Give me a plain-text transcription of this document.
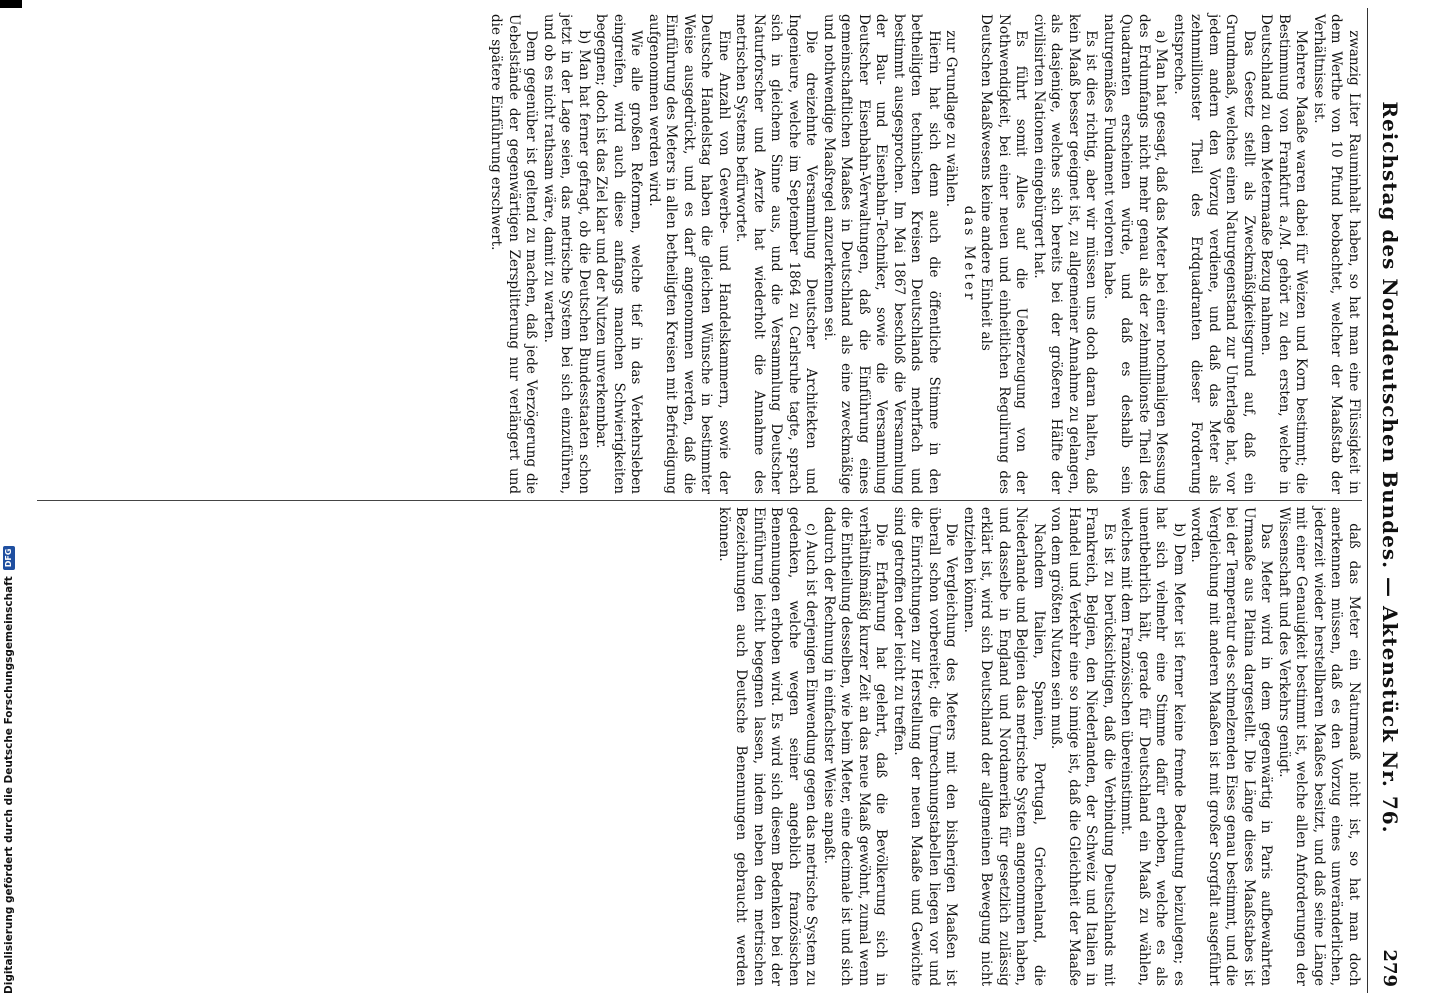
Reichstag des Norddeutschen Bundes. — Aktenstück Nr. 76.
279

zwanzig Liter Rauminhalt haben, so hat man eine Flüssigkeit in dem Werthe von 10 Pfund beobachtet, welcher der Maaßstab der Verhältnisse ist.

Mehrere Maaße waren dabei für Weizen und Korn bestimmt; die Bestimmung von Frankfurt a./M. gehört zu den ersten, welche in Deutschland zu dem Metermaaße Bezug nahmen.

Das Gesetz stellt als Zweckmäßigkeitsgrund auf, daß ein Grundmaaß, welches einen Naturgegenstand zur Unterlage hat, vor jedem andern den Vorzug verdiene, und daß das Meter als zehnmillionster Theil des Erdquadranten dieser Forderung entspreche.

a) Man hat gesagt, daß das Meter bei einer nochmaligen Messung des Erdumfangs nicht mehr genau als der zehnmillionste Theil des Quadranten erscheinen würde, und daß es deshalb sein naturgemäßes Fundament verloren habe.

Es ist dies richtig, aber wir müssen uns doch daran halten, daß kein Maaß besser geeignet ist, zu allgemeiner Annahme zu gelangen, als dasjenige, welches sich bereits bei der größeren Hälfte der civilisirten Nationen eingebürgert hat.

Es führt somit Alles auf die Ueberzeugung von der Nothwendigkeit, bei einer neuen und einheitlichen Regulirung des Deutschen Maaßwesens keine andere Einheit als

das Meter

zur Grundlage zu wählen.

Hierin hat sich denn auch die öffentliche Stimme in den betheiligten technischen Kreisen Deutschlands mehrfach und bestimmt ausgesprochen. Im Mai 1867 beschloß die Versammlung der Bau- und Eisenbahn-Techniker, sowie die Versammlung Deutscher Eisenbahn-Verwaltungen, daß die Einführung eines gemeinschaftlichen Maaßes in Deutschland als eine zweckmäßige und nothwendige Maaßregel anzuerkennen sei.

Die dreizehnte Versammlung Deutscher Architekten und Ingenieure, welche im September 1864 zu Carlsruhe tagte, sprach sich in gleichem Sinne aus, und die Versammlung Deutscher Naturforscher und Aerzte hat wiederholt die Annahme des metrischen Systems befürwortet.

Eine Anzahl von Gewerbe- und Handelskammern, sowie der Deutsche Handelstag haben die gleichen Wünsche in bestimmter Weise ausgedrückt, und es darf angenommen werden, daß die Einführung des Meters in allen betheiligten Kreisen mit Befriedigung aufgenommen werden wird.

Wie alle großen Reformen, welche tief in das Verkehrsleben eingreifen, wird auch diese anfangs manchen Schwierigkeiten begegnen; doch ist das Ziel klar und der Nutzen unverkennbar.

b) Man hat ferner gefragt, ob die Deutschen Bundesstaaten schon jetzt in der Lage seien, das metrische System bei sich einzuführen, und ob es nicht rathsam wäre, damit zu warten.

Dem gegenüber ist geltend zu machen, daß jede Verzögerung die Uebelstände der gegenwärtigen Zersplitterung nur verlängert und die spätere Einführung erschwert.

daß das Meter ein Naturmaaß nicht ist, so hat man doch anerkennen müssen, daß es den Vorzug eines unveränderlichen, jederzeit wieder herstellbaren Maaßes besitzt, und daß seine Länge mit einer Genauigkeit bestimmt ist, welche allen Anforderungen der Wissenschaft und des Verkehrs genügt.

Das Meter wird in dem gegenwärtig in Paris aufbewahrten Urmaaße aus Platina dargestellt. Die Länge dieses Maaßstabes ist bei der Temperatur des schmelzenden Eises genau bestimmt, und die Vergleichung mit anderen Maaßen ist mit großer Sorgfalt ausgeführt worden.

b) Dem Meter ist ferner keine fremde Bedeutung beizulegen; es hat sich vielmehr eine Stimme dafür erhoben, welche es als unentbehrlich hält, gerade für Deutschland ein Maaß zu wählen, welches mit dem Französischen übereinstimmt.

Es ist zu berücksichtigen, daß die Verbindung Deutschlands mit Frankreich, Belgien, den Niederlanden, der Schweiz und Italien in Handel und Verkehr eine so innige ist, daß die Gleichheit der Maaße von dem größten Nutzen sein muß.

Nachdem Italien, Spanien, Portugal, Griechenland, die Niederlande und Belgien das metrische System angenommen haben, und dasselbe in England und Nordamerika für gesetzlich zulässig erklärt ist, wird sich Deutschland der allgemeinen Bewegung nicht entziehen können.

Die Vergleichung des Meters mit den bisherigen Maaßen ist überall schon vorbereitet; die Umrechnungstabellen liegen vor und die Einrichtungen zur Herstellung der neuen Maaße und Gewichte sind getroffen oder leicht zu treffen.

Die Erfahrung hat gelehrt, daß die Bevölkerung sich in verhältnißmäßig kurzer Zeit an das neue Maaß gewöhnt, zumal wenn die Eintheilung desselben, wie beim Meter, eine decimale ist und sich dadurch der Rechnung in einfachster Weise anpaßt.

c) Auch ist derjenigen Einwendung gegen das metrische System zu gedenken, welche wegen seiner angeblich französischen Benennungen erhoben wird. Es wird sich diesem Bedenken bei der Einführung leicht begegnen lassen, indem neben den metrischen Bezeichnungen auch Deutsche Benennungen gebraucht werden können.

Digitalisierung gefördert durch die Deutsche Forschungsgemeinschaft
DFG
